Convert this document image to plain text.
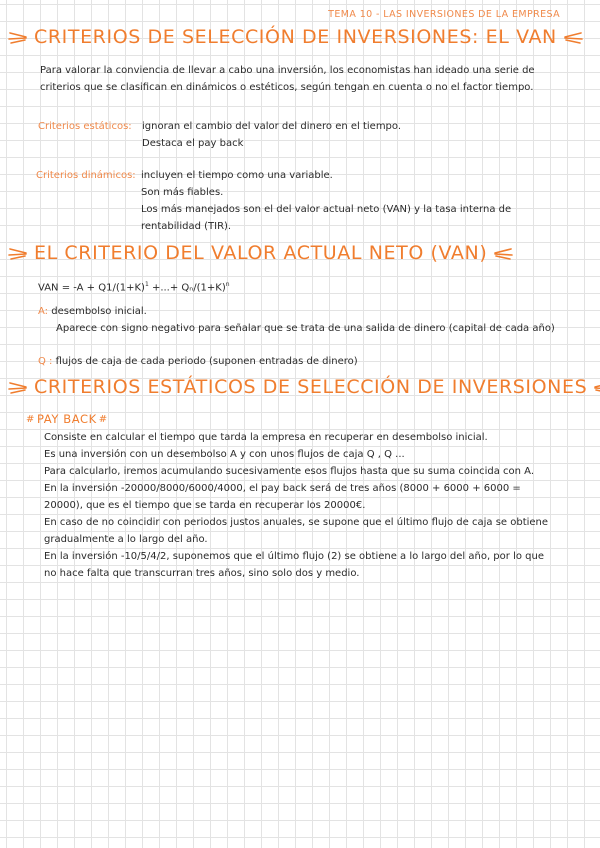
TEMA 10 - LAS INVERSIONES DE LA EMPRESA
CRITERIOS DE SELECCIÓN DE INVERSIONES: EL VAN

Para valorar la conviencia de llevar a cabo una inversión, los economistas han ideado una serie de

criterios que se clasifican en dinámicos o estéticos, según tengan en cuenta o no el factor tiempo.

Criterios estáticos: ignoran el cambio del valor del dinero en el tiempo.

Destaca el pay back

Criterios dinámicos: incluyen el tiempo como una variable.

Son más fiables.

Los más manejados son el del valor actual neto (VAN) y la tasa interna de

rentabilidad (TIR).

EL CRITERIO DEL VALOR ACTUAL NETO (VAN)
VAN = $-A + Q1/(1+K)^1$ +...+ $Q_n/(1+K)^n$
A: desembolso inicial.
Aparece con signo negativo para señalar que se trata de una salida de dinero (capital de cada año)
Q : flujos de caja de cada periodo (suponen entradas de dinero)
CRITERIOS ESTÁTICOS DE SELECCIÓN DE INVERSIONES
# PAY BACK #

Consiste en calcular el tiempo que tarda la empresa en recuperar en desembolso inicial.

Es una inversión con un desembolso A y con unos flujos de caja Q , Q ...

Para calcularlo, iremos acumulando sucesivamente esos flujos hasta que su suma coincida con A.

En la inversión -20000/8000/6000/4000, el pay back será de tres años (8000 + 6000 + 6000 =

20000), que es el tiempo que se tarda en recuperar los 20000€.

En caso de no coincidir con periodos justos anuales, se supone que el último flujo de caja se obtiene

gradualmente a lo largo del año.

En la inversión -10/5/4/2, suponemos que el último flujo (2) se obtiene a lo largo del año, por lo que

no hace falta que transcurran tres años, sino solo dos y medio.
